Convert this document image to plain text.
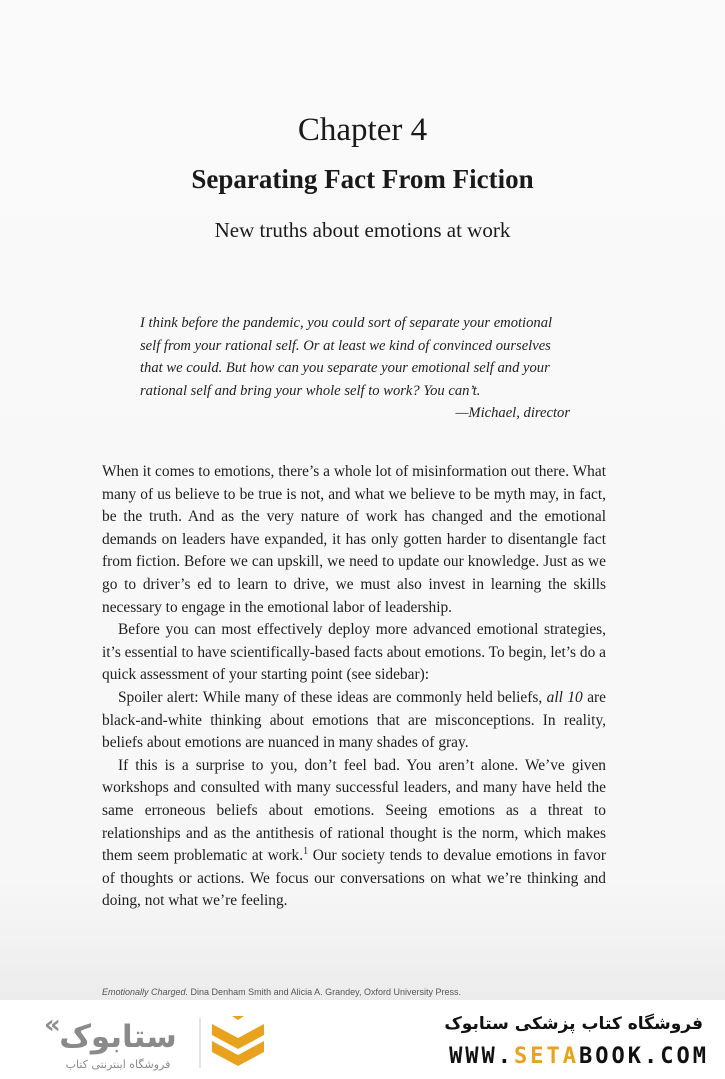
Chapter 4
Separating Fact From Fiction
New truths about emotions at work
I think before the pandemic, you could sort of separate your emotional
self from your rational self. Or at least we kind of convinced ourselves
that we could. But how can you separate your emotional self and your
rational self and bring your whole self to work? You can’t.
—Michael, director

When it comes to emotions, there’s a whole lot of misinformation out there. What many of us believe to be true is not, and what we believe to be myth may, in fact, be the truth. And as the very nature of work has changed and the emotional demands on leaders have expanded, it has only gotten harder to disentangle fact from fiction. Before we can upskill, we need to update our knowledge. Just as we go to driver’s ed to learn to drive, we must also invest in learning the skills necessary to engage in the emotional labor of leadership.

Before you can most effectively deploy more advanced emotional strategies, it’s essential to have scientifically-based facts about emotions. To begin, let’s do a quick assessment of your starting point (see sidebar):

Spoiler alert: While many of these ideas are commonly held beliefs, all 10 are black-and-white thinking about emotions that are misconceptions. In reality, beliefs about emotions are nuanced in many shades of gray.

If this is a surprise to you, don’t feel bad. You aren’t alone. We’ve given workshops and consulted with many successful leaders, and many have held the same erroneous beliefs about emotions. Seeing emotions as a threat to relationships and as the antithesis of rational thought is the norm, which makes them seem problematic at work.$^1$ Our society tends to devalue emotions in favor of thoughts or actions. We focus our conversations on what we’re thinking and doing, not what we’re feeling.

Emotionally Charged. Dina Denham Smith and Alicia A. Grandey, Oxford University Press.
«
ستابوک
فروشگاه اینترنتی کتاب
فروشگاه کتاب پزشکی ستابوک
WWW.SETABOOK.COM
